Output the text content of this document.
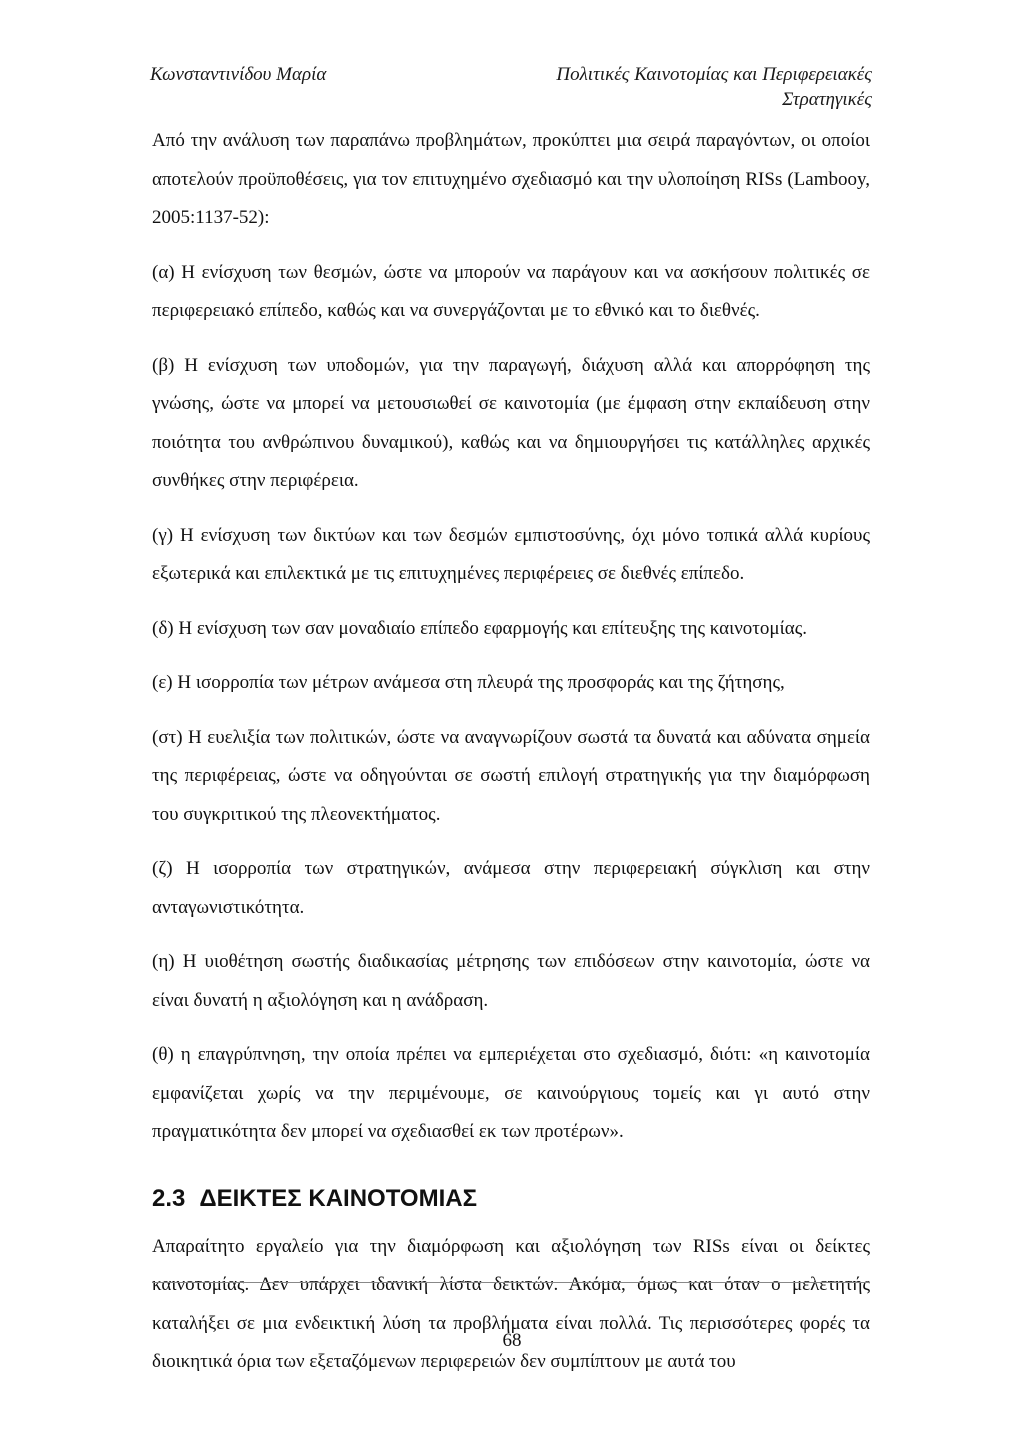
Κωνσταντινίδου Μαρία	Πολιτικές Καινοτομίας και Περιφερειακές
Στρατηγικές

Από την ανάλυση των παραπάνω προβλημάτων, προκύπτει μια σειρά παραγόντων, οι οποίοι αποτελούν προϋποθέσεις, για τον επιτυχημένο σχεδιασμό και την υλοποίηση RISs (Lambooy, 2005:1137-52):

(α) Η ενίσχυση των θεσμών, ώστε να μπορούν να παράγουν και να ασκήσουν πολιτικές σε περιφερειακό επίπεδο, καθώς και να συνεργάζονται με το εθνικό και το διεθνές.

(β) Η ενίσχυση των υποδομών, για την παραγωγή, διάχυση αλλά και απορρόφηση της γνώσης, ώστε να μπορεί να μετουσιωθεί σε καινοτομία (με έμφαση στην εκπαίδευση στην ποιότητα του ανθρώπινου δυναμικού), καθώς και να δημιουργήσει τις κατάλληλες αρχικές συνθήκες στην περιφέρεια.

(γ) Η ενίσχυση των δικτύων και των δεσμών εμπιστοσύνης, όχι μόνο τοπικά αλλά κυρίους εξωτερικά και επιλεκτικά με τις επιτυχημένες περιφέρειες σε διεθνές επίπεδο.

(δ) Η ενίσχυση των σαν μοναδιαίο επίπεδο εφαρμογής και επίτευξης της καινοτομίας.

(ε) Η ισορροπία των μέτρων ανάμεσα στη πλευρά της προσφοράς και της ζήτησης,

(στ) Η ευελιξία των πολιτικών, ώστε να αναγνωρίζουν σωστά τα δυνατά και αδύνατα σημεία της περιφέρειας, ώστε να οδηγούνται σε σωστή επιλογή στρατηγικής για την διαμόρφωση του συγκριτικού της πλεονεκτήματος.

(ζ) Η ισορροπία των στρατηγικών, ανάμεσα στην περιφερειακή σύγκλιση και στην ανταγωνιστικότητα.

(η) Η υιοθέτηση σωστής διαδικασίας μέτρησης των επιδόσεων στην καινοτομία, ώστε να είναι δυνατή η αξιολόγηση και η ανάδραση.

(θ) η επαγρύπνηση, την οποία πρέπει να εμπεριέχεται στο σχεδιασμό, διότι: «η καινοτομία εμφανίζεται χωρίς να την περιμένουμε, σε καινούργιους τομείς και γι αυτό στην πραγματικότητα δεν μπορεί να σχεδιασθεί εκ των προτέρων».

2.3 ΔΕΙΚΤΕΣ ΚΑΙΝΟΤΟΜΙΑΣ

Απαραίτητο εργαλείο για την διαμόρφωση και αξιολόγηση των RISs είναι οι δείκτες καινοτομίας. Δεν υπάρχει ιδανική λίστα δεικτών. Ακόμα, όμως και όταν ο μελετητής καταλήξει σε μια ενδεικτική λύση τα προβλήματα είναι πολλά. Τις περισσότερες φορές τα διοικητικά όρια των εξεταζόμενων περιφερειών δεν συμπίπτουν με αυτά του

68
